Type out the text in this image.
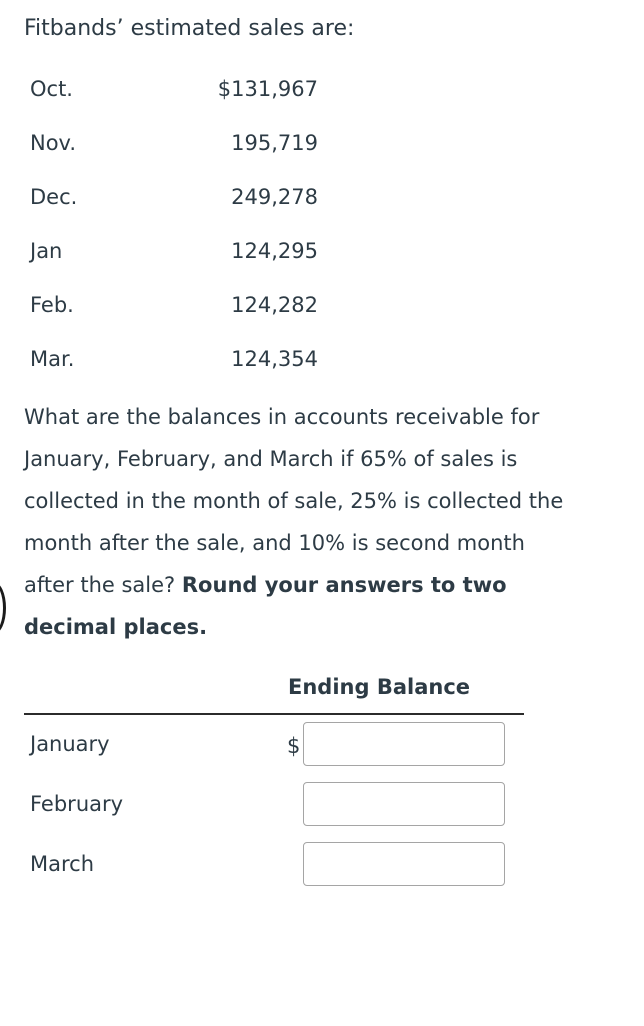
Fitbands’ estimated sales are:
Oct.	$131,967
Nov.	195,719
Dec.	249,278
Jan	124,295
Feb.	124,282
Mar.	124,354
What are the balances in accounts receivable for
January, February, and March if 65% of sales is
collected in the month of sale, 25% is collected the
month after the sale, and 10% is second month
after the sale? Round your answers to two
decimal places.
Ending Balance
January	$
February
March
